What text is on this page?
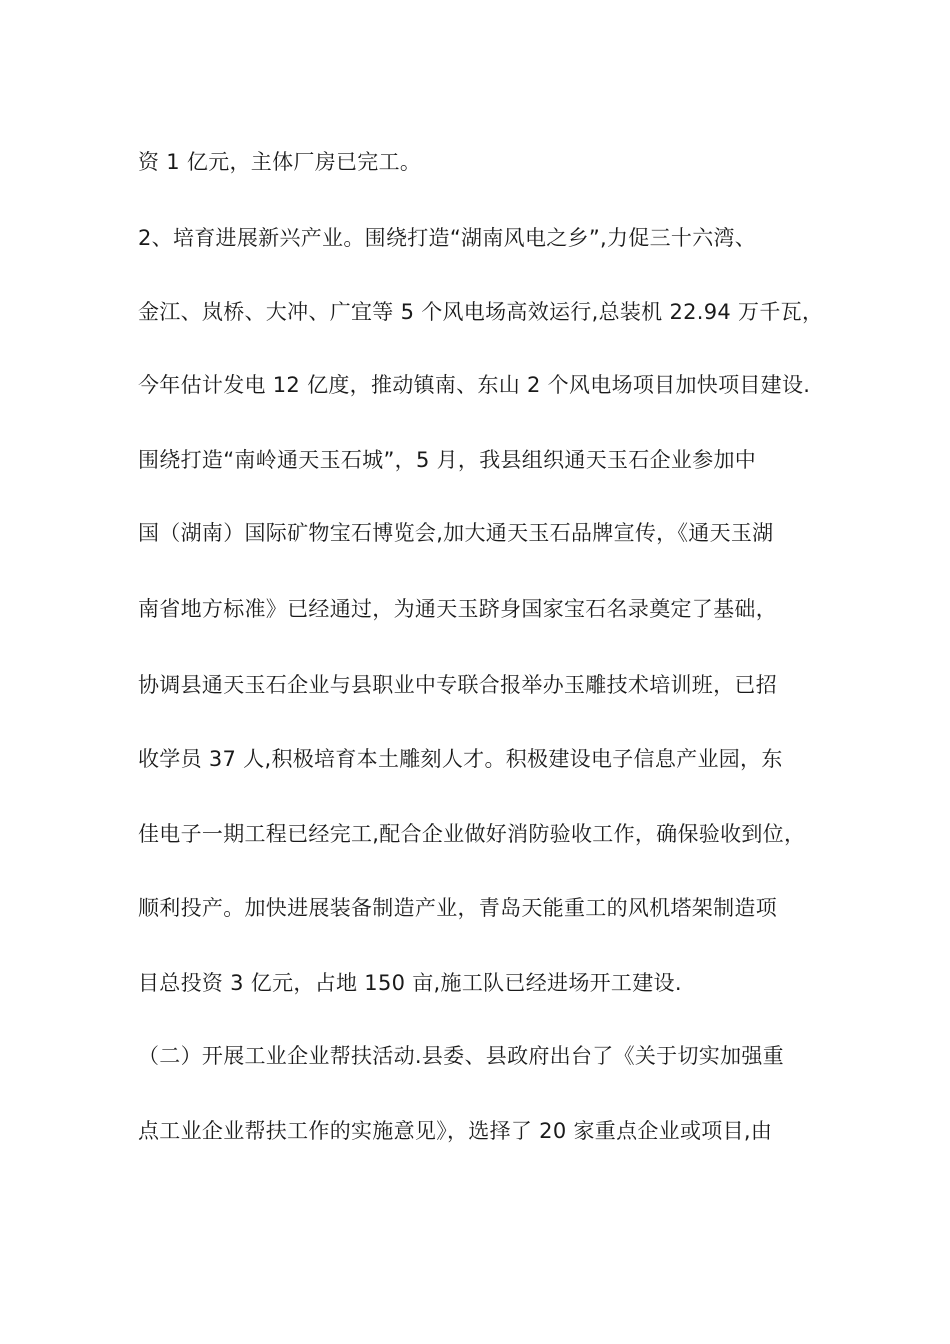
资 1 亿元，主体厂房已完工。
2、培育进展新兴产业。围绕打造“湖南风电之乡”,力促三十六湾、
金江、岚桥、大冲、广宜等 5 个风电场高效运行,总装机 22.94 万千瓦，
今年估计发电 12 亿度，推动镇南、东山 2 个风电场项目加快项目建设.
围绕打造“南岭通天玉石城”，5 月，我县组织通天玉石企业参加中
国（湖南）国际矿物宝石博览会,加大通天玉石品牌宣传，《通天玉湖
南省地方标准》已经通过，为通天玉跻身国家宝石名录奠定了基础，
协调县通天玉石企业与县职业中专联合报举办玉雕技术培训班，已招
收学员 37 人,积极培育本土雕刻人才。积极建设电子信息产业园，东
佳电子一期工程已经完工,配合企业做好消防验收工作，确保验收到位，
顺利投产。加快进展装备制造产业，青岛天能重工的风机塔架制造项
目总投资 3 亿元，占地 150 亩,施工队已经进场开工建设.
（二）开展工业企业帮扶活动.县委、县政府出台了《关于切实加强重
点工业企业帮扶工作的实施意见》，选择了 20 家重点企业或项目,由
